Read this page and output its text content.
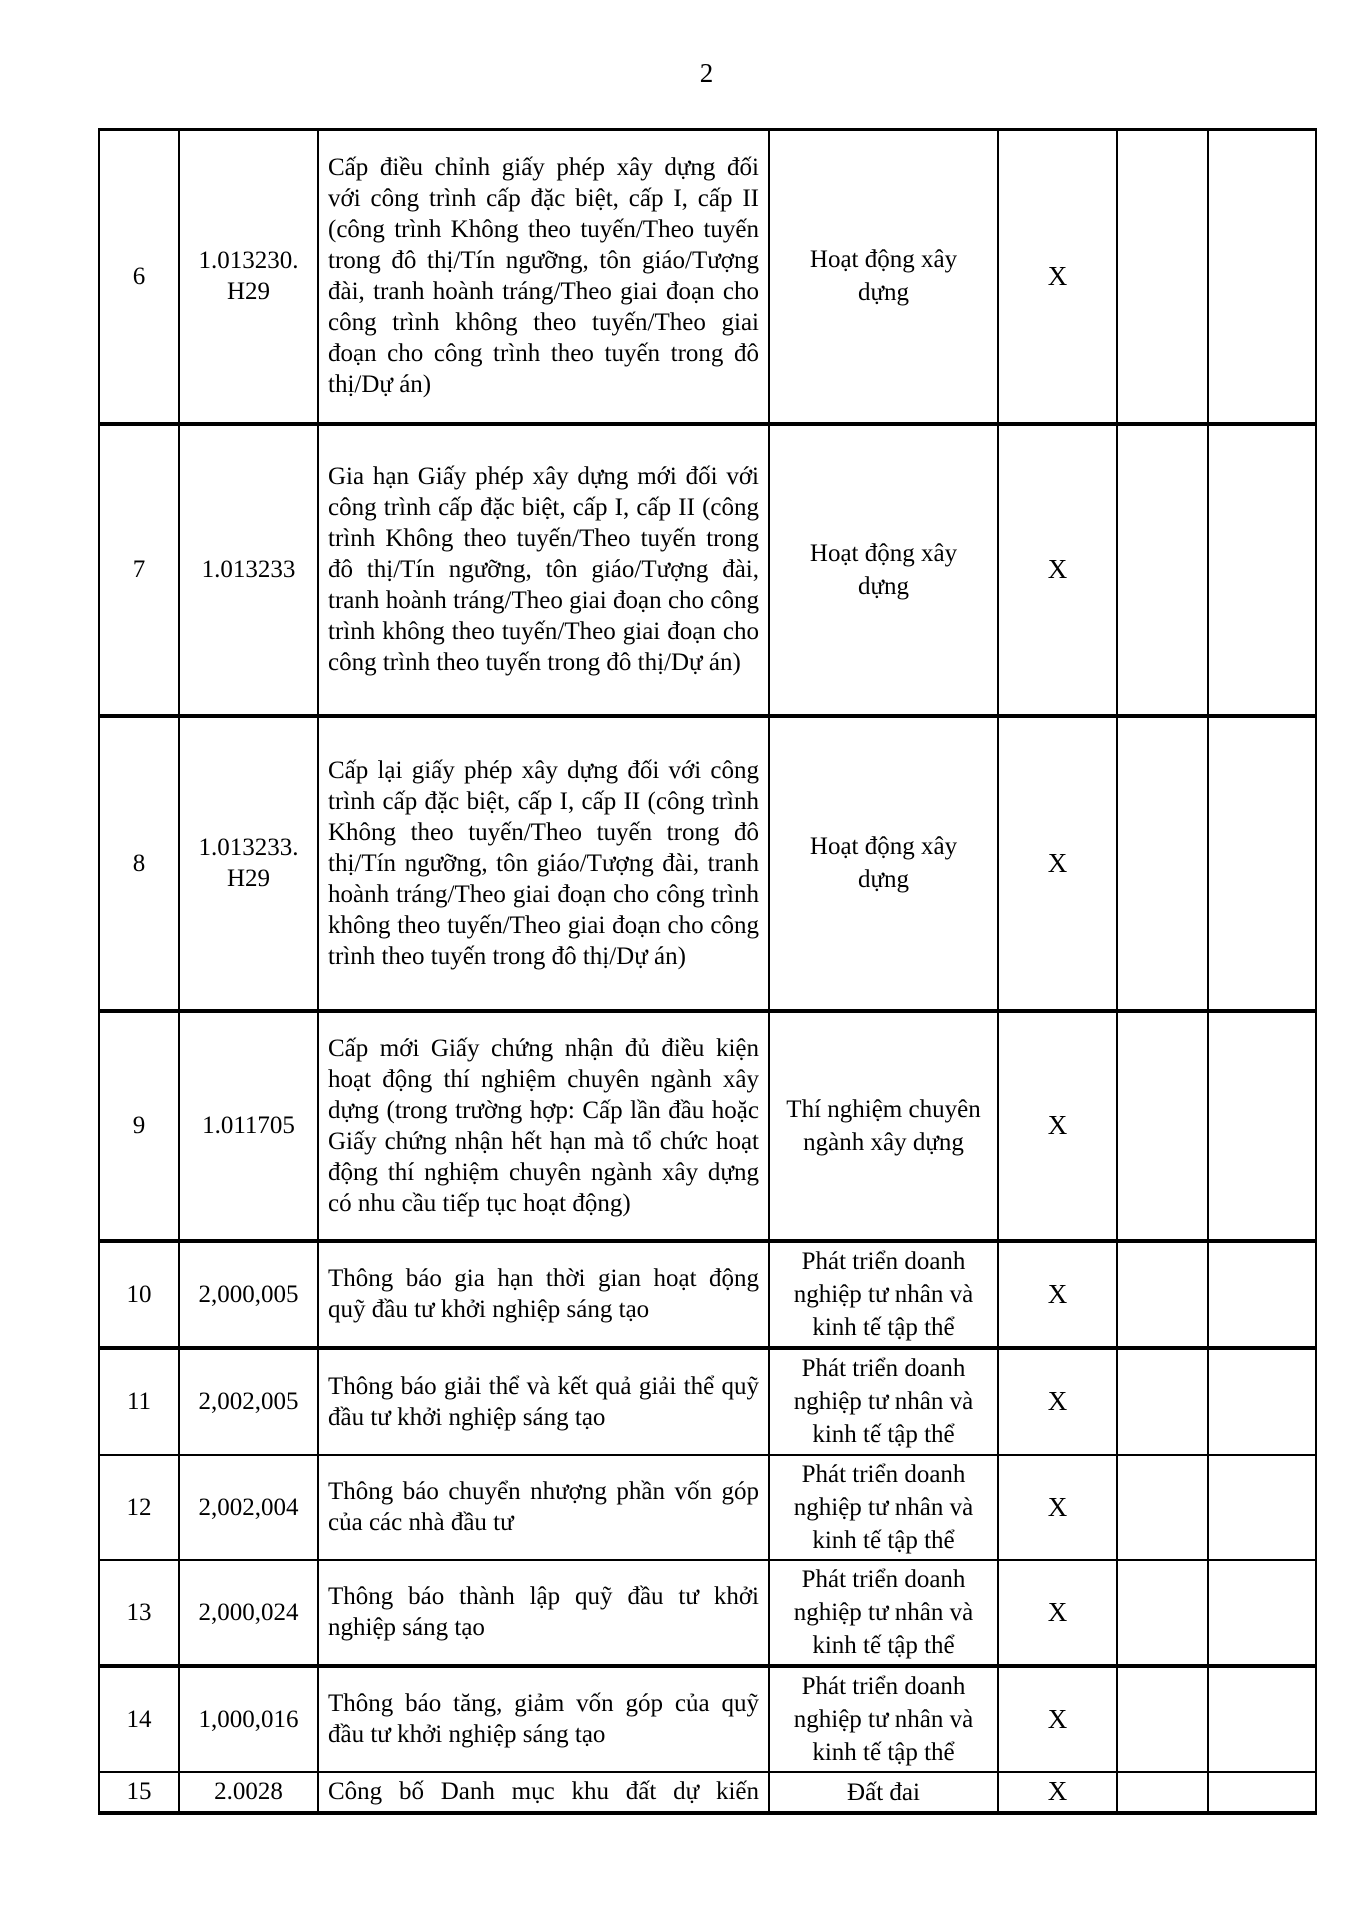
2
6	1.013230. H29	Cấp điều chỉnh giấy phép xây dựng đối với công trình cấp đặc biệt, cấp I, cấp II (công trình Không theo tuyến/Theo tuyến trong đô thị/Tín ngưỡng, tôn giáo/Tượng đài, tranh hoành tráng/Theo giai đoạn cho công trình không theo tuyến/Theo giai đoạn cho công trình theo tuyến trong đô thị/Dự án)	Hoạt động xây dựng	X		
7	1.013233	Gia hạn Giấy phép xây dựng mới đối với công trình cấp đặc biệt, cấp I, cấp II (công trình Không theo tuyến/Theo tuyến trong đô thị/Tín ngưỡng, tôn giáo/Tượng đài, tranh hoành tráng/Theo giai đoạn cho công trình không theo tuyến/Theo giai đoạn cho công trình theo tuyến trong đô thị/Dự án)	Hoạt động xây dựng	X		
8	1.013233. H29	Cấp lại giấy phép xây dựng đối với công trình cấp đặc biệt, cấp I, cấp II (công trình Không theo tuyến/Theo tuyến trong đô thị/Tín ngưỡng, tôn giáo/Tượng đài, tranh hoành tráng/Theo giai đoạn cho công trình không theo tuyến/Theo giai đoạn cho công trình theo tuyến trong đô thị/Dự án)	Hoạt động xây dựng	X		
9	1.011705	Cấp mới Giấy chứng nhận đủ điều kiện hoạt động thí nghiệm chuyên ngành xây dựng (trong trường hợp: Cấp lần đầu hoặc Giấy chứng nhận hết hạn mà tổ chức hoạt động thí nghiệm chuyên ngành xây dựng có nhu cầu tiếp tục hoạt động)	Thí nghiệm chuyên ngành xây dựng	X		
10	2,000,005	Thông báo gia hạn thời gian hoạt động quỹ đầu tư khởi nghiệp sáng tạo	Phát triển doanh nghiệp tư nhân và kinh tế tập thể	X		
11	2,002,005	Thông báo giải thể và kết quả giải thể quỹ đầu tư khởi nghiệp sáng tạo	Phát triển doanh nghiệp tư nhân và kinh tế tập thể	X		
12	2,002,004	Thông báo chuyển nhượng phần vốn góp của các nhà đầu tư	Phát triển doanh nghiệp tư nhân và kinh tế tập thể	X		
13	2,000,024	Thông báo thành lập quỹ đầu tư khởi nghiệp sáng tạo	Phát triển doanh nghiệp tư nhân và kinh tế tập thể	X		
14	1,000,016	Thông báo tăng, giảm vốn góp của quỹ đầu tư khởi nghiệp sáng tạo	Phát triển doanh nghiệp tư nhân và kinh tế tập thể	X		
15	2.0028	Công bố Danh mục khu đất dự kiến	Đất đai	X		
